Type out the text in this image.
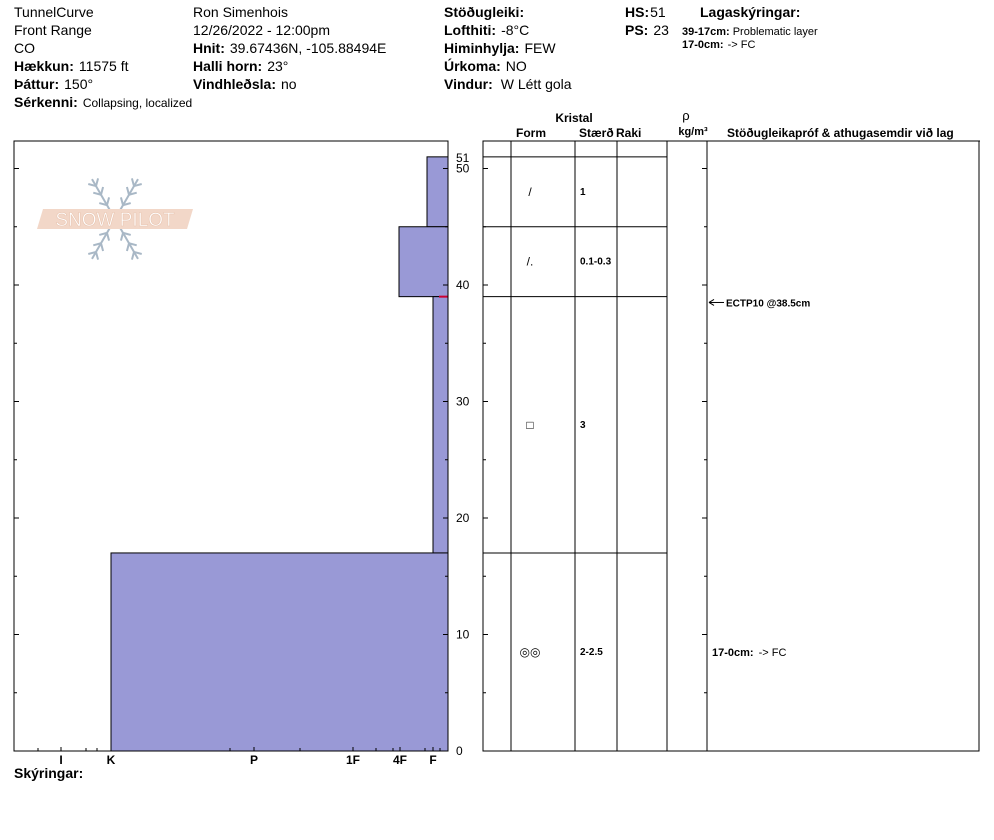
TunnelCurve
Front Range
CO
Hækkun: 11575 ft
Þáttur: 150°
Sérkenni: Collapsing, localized
Ron Simenhois
12/26/2022 - 12:00pm
Hnit: 39.67436N, -105.88494E
Halli horn: 23°
Vindhleðsla: no
Stöðugleiki:
Lofthiti: -8°C
Himinhylja: FEW
Úrkoma: NO
Vindur: W Létt gola
HS:51
PS: 23
Lagaskýringar:
39-17cm: Problematic layer
17-0cm: -> FC
Kristal
Form	Stærð Raki
ρ
kg/m³ Stöðugleikapróf & athugasemdir við lag
0
10
20
30
40
50
51
I	K	P	1F	4F F
SNOW PILOT
/	1
/.	0.1-0.3
□	3
◎◎	2-2.5
ECTP10 @38.5cm
17-0cm: -> FC
Skýringar:
